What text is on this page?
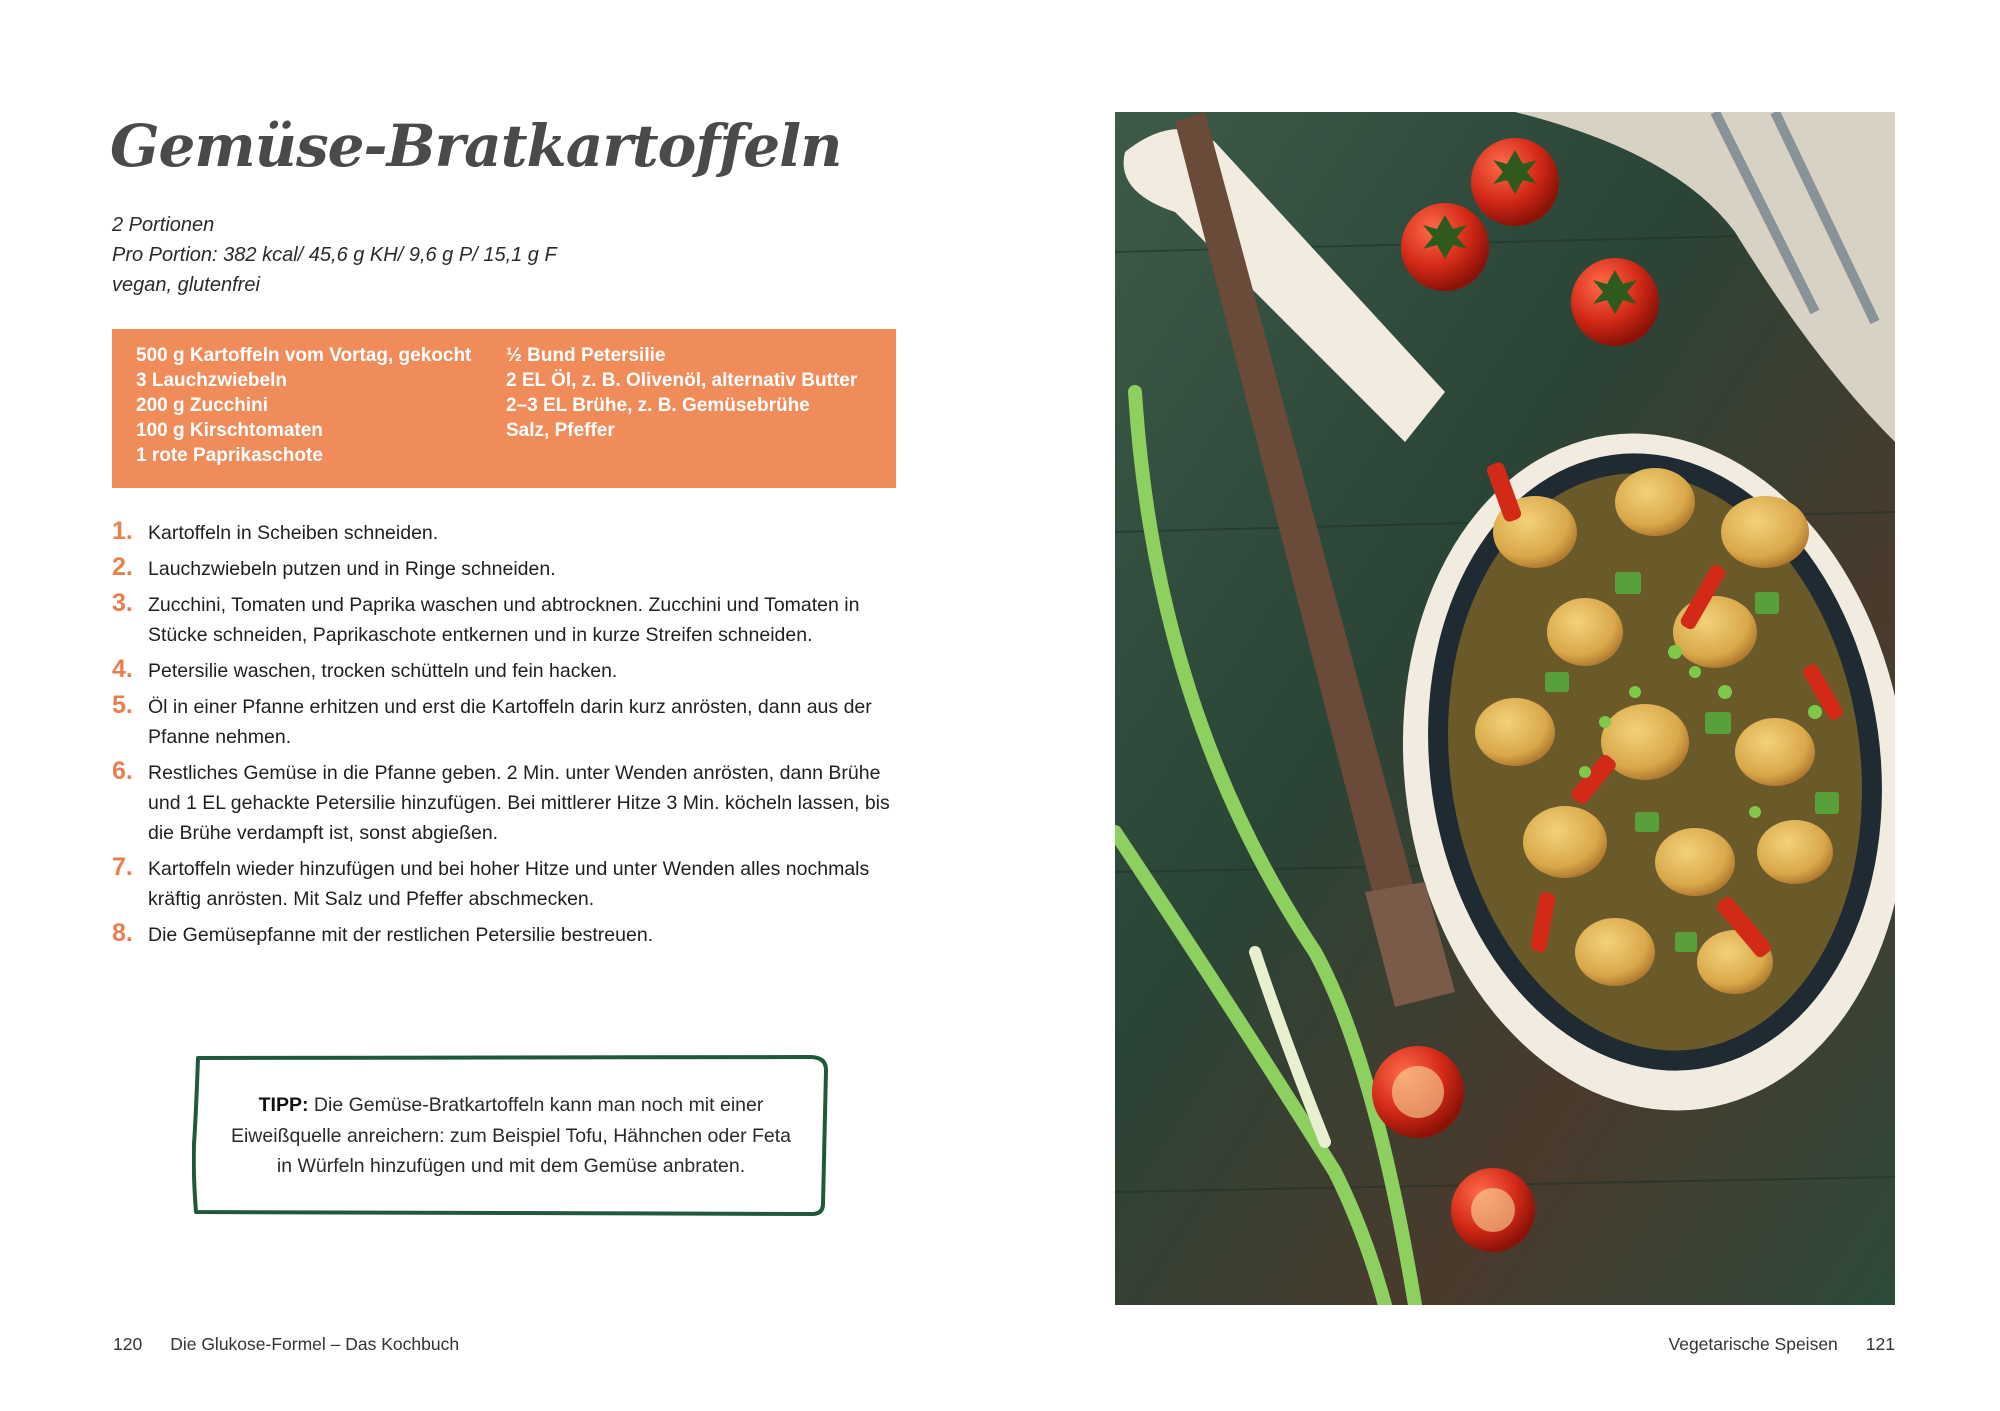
Gemüse-Bratkartoffeln
2 Portionen
Pro Portion: 382 kcal/ 45,6 g KH/ 9,6 g P/ 15,1 g F
vegan, glutenfrei
500 g Kartoffeln vom Vortag, gekocht
3 Lauchzwiebeln
200 g Zucchini
100 g Kirschtomaten
1 rote Paprikaschote
½ Bund Petersilie
2 EL Öl, z. B. Olivenöl, alternativ Butter
2–3 EL Brühe, z. B. Gemüsebrühe
Salz, Pfeffer
1. Kartoffeln in Scheiben schneiden.
2. Lauchzwiebeln putzen und in Ringe schneiden.
3. Zucchini, Tomaten und Paprika waschen und abtrocknen. Zucchini und Tomaten in Stücke schneiden, Paprikaschote entkernen und in kurze Streifen schneiden.
4. Petersilie waschen, trocken schütteln und fein hacken.
5. Öl in einer Pfanne erhitzen und erst die Kartoffeln darin kurz anrösten, dann aus der Pfanne nehmen.
6. Restliches Gemüse in die Pfanne geben. 2 Min. unter Wenden anrösten, dann Brühe und 1 EL gehackte Petersilie hinzufügen. Bei mittlerer Hitze 3 Min. köcheln lassen, bis die Brühe verdampft ist, sonst abgießen.
7. Kartoffeln wieder hinzufügen und bei hoher Hitze und unter Wenden alles nochmals kräftig anrösten. Mit Salz und Pfeffer abschmecken.
8. Die Gemüsepfanne mit der restlichen Petersilie bestreuen.
TIPP: Die Gemüse-Bratkartoffeln kann man noch mit einer Eiweißquelle anreichern: zum Beispiel Tofu, Hähnchen oder Feta in Würfeln hinzufügen und mit dem Gemüse anbraten.
120 Die Glukose-Formel – Das Kochbuch	Vegetarische Speisen 121
